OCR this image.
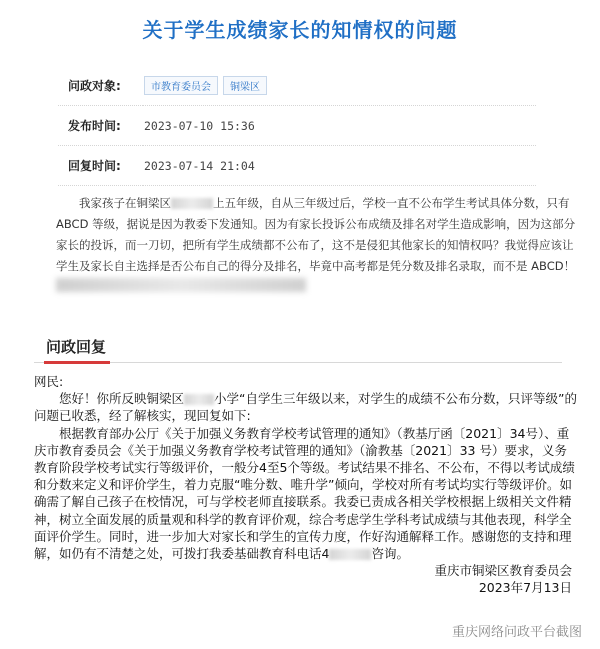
关于学生成绩家长的知情权的问题
问政对象:	市教育委员会 铜梁区
发布时间:	2023-07-10 15:36
回复时间:	2023-07-14 21:04
我家孩子在铜梁区	上五年级，自从三年级过后，学校一直不公布学生考试具体分数，只有 ABCD 等级，据说是因为教委下发通知。因为有家长投诉公布成绩及排名对学生造成影响，因为这部分家长的投诉，而一刀切，把所有学生成绩都不公布了，这不是侵犯其他家长的知情权吗？我觉得应该让学生及家长自主选择是否公布自己的得分及排名，毕竟中高考都是凭分数及排名录取，而不是 ABCD！
问政回复

网民:

您好！你所反映铜梁区 小学“自学生三年级以来，对学生的成绩不公布分数，只评等级”的问题已收悉，经了解核实，现回复如下:

根据教育部办公厅《关于加强义务教育学校考试管理的通知》（教基厅函〔2021〕34号）、重庆市教育委员会《关于加强义务教育学校考试管理的通知》（渝教基〔2021〕33 号）要求，义务教育阶段学校考试实行等级评价，一般分4至5个等级。考试结果不排名、不公布，不得以考试成绩和分数来定义和评价学生，着力克服“唯分数、唯升学”倾向，学校对所有考试均实行等级评价。如确需了解自己孩子在校情况，可与学校老师直接联系。我委已责成各相关学校根据上级相关文件精神，树立全面发展的质量观和科学的教育评价观，综合考虑学生学科考试成绩与其他表现，科学全面评价学生。同时，进一步加大对家长和学生的宣传力度，作好沟通解释工作。感谢您的支持和理解，如仍有不清楚之处，可拨打我委基础教育科电话4	咨询。

重庆市铜梁区教育委员会

2023年7月13日

重庆网络问政平台截图
